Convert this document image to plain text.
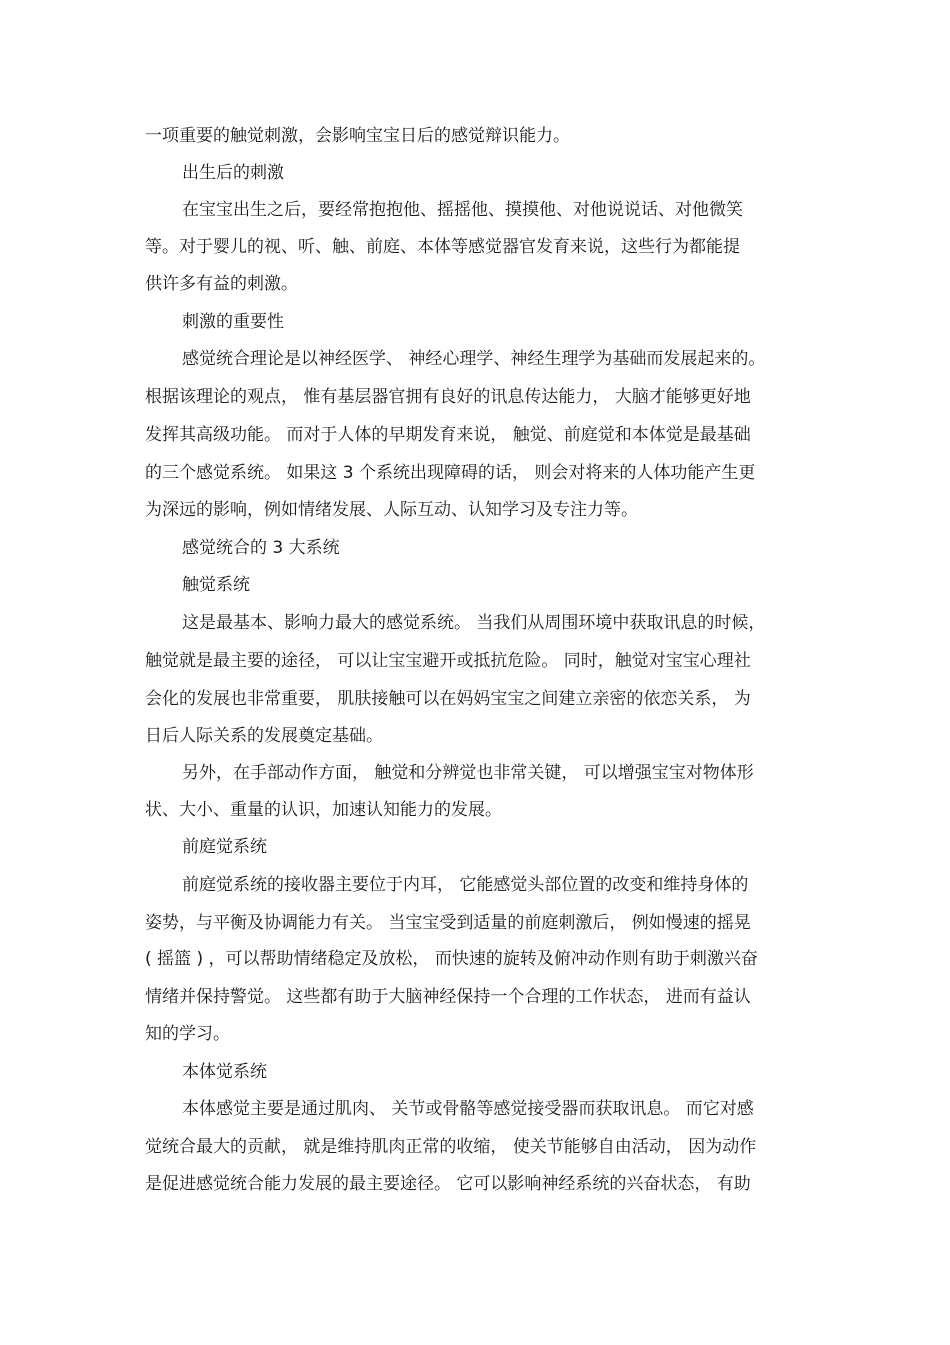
一项重要的触觉刺激，会影响宝宝日后的感觉辩识能力。
出生后的刺激
在宝宝出生之后，要经常抱抱他、摇摇他、摸摸他、对他说说话、对他微笑
等。对于婴儿的视、听、触、前庭、本体等感觉器官发育来说，这些行为都能提
供许多有益的刺激。
刺激的重要性
感觉统合理论是以神经医学、 神经心理学、神经生理学为基础而发展起来的。
根据该理论的观点， 惟有基层器官拥有良好的讯息传达能力， 大脑才能够更好地
发挥其高级功能。 而对于人体的早期发育来说， 触觉、前庭觉和本体觉是最基础
的三个感觉系统。 如果这 3 个系统出现障碍的话， 则会对将来的人体功能产生更
为深远的影响，例如情绪发展、人际互动、认知学习及专注力等。
感觉统合的 3 大系统
触觉系统
这是最基本、影响力最大的感觉系统。 当我们从周围环境中获取讯息的时候，
触觉就是最主要的途径， 可以让宝宝避开或抵抗危险。 同时，触觉对宝宝心理社
会化的发展也非常重要， 肌肤接触可以在妈妈宝宝之间建立亲密的依恋关系， 为
日后人际关系的发展奠定基础。
另外，在手部动作方面， 触觉和分辨觉也非常关键， 可以增强宝宝对物体形
状、大小、重量的认识，加速认知能力的发展。
前庭觉系统
前庭觉系统的接收器主要位于内耳， 它能感觉头部位置的改变和维持身体的
姿势，与平衡及协调能力有关。 当宝宝受到适量的前庭刺激后， 例如慢速的摇晃
( 摇篮 ) ，可以帮助情绪稳定及放松， 而快速的旋转及俯冲动作则有助于刺激兴奋
情绪并保持警觉。 这些都有助于大脑神经保持一个合理的工作状态， 进而有益认
知的学习。
本体觉系统
本体感觉主要是通过肌肉、 关节或骨骼等感觉接受器而获取讯息。 而它对感
觉统合最大的贡献， 就是维持肌肉正常的收缩， 使关节能够自由活动， 因为动作
是促进感觉统合能力发展的最主要途径。 它可以影响神经系统的兴奋状态， 有助
